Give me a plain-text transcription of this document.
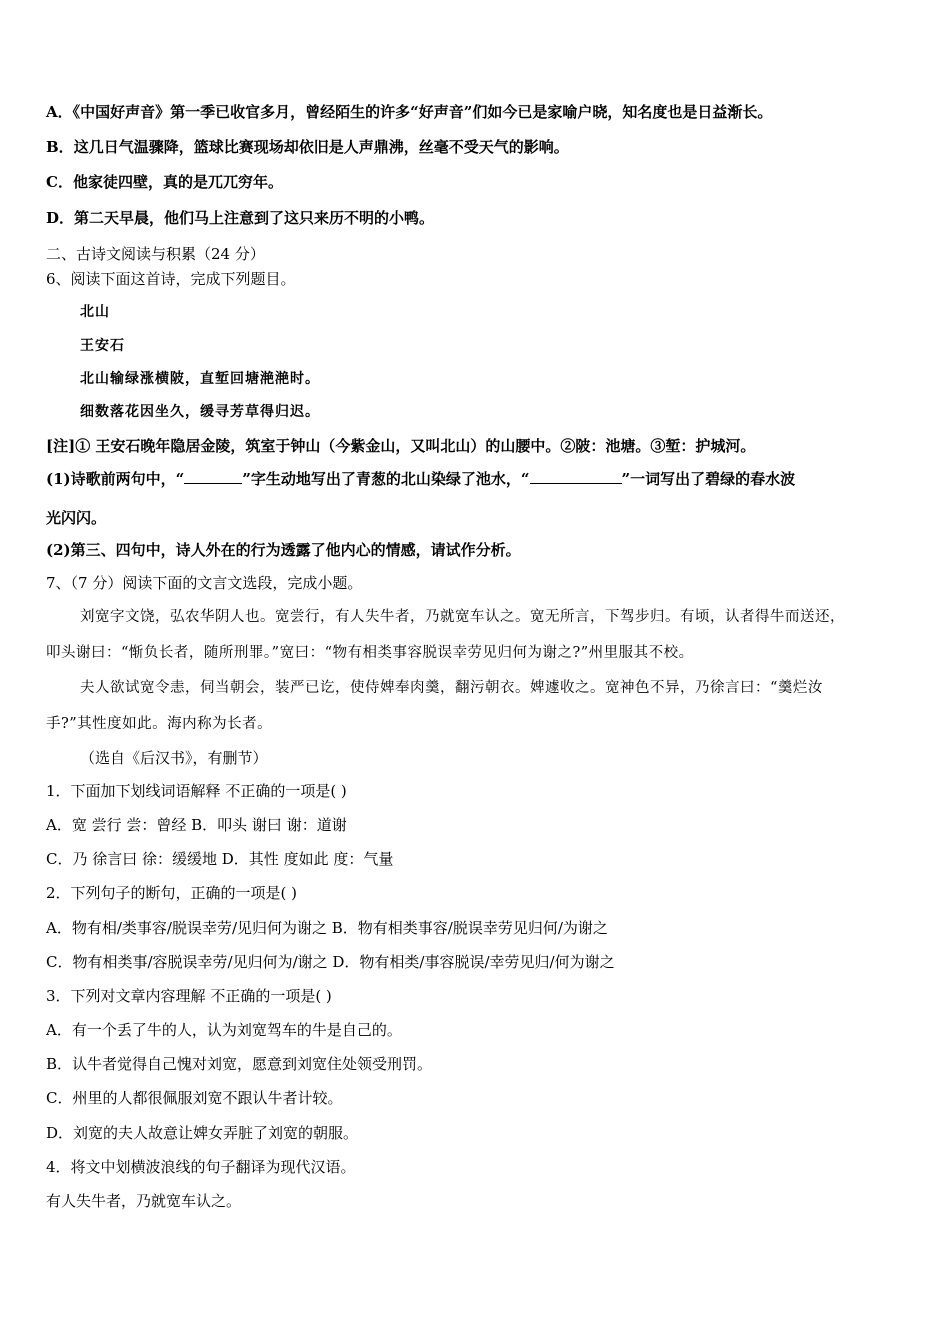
A．《中国好声音》第一季已收官多月，曾经陌生的许多“好声音”们如今已是家喻户晓，知名度也是日益渐长。
B．这几日气温骤降，篮球比赛现场却依旧是人声鼎沸，丝毫不受天气的影响。
C．他家徒四壁，真的是兀兀穷年。
D．第二天早晨，他们马上注意到了这只来历不明的小鸭。
二、古诗文阅读与积累（24 分）
6、阅读下面这首诗，完成下列题目。
北山
王安石
北山输绿涨横陂，直堑回塘滟滟时。
细数落花因坐久，缓寻芳草得归迟。
[注]① 王安石晚年隐居金陵，筑室于钟山（今紫金山，又叫北山）的山腰中。②陂：池塘。③堑：护城河。
(1)诗歌前两句中，“	”字生动地写出了青葱的北山染绿了池水，“	”一词写出了碧绿的春水波
光闪闪。
(2)第三、四句中，诗人外在的行为透露了他内心的情感，请试作分析。
7、（7 分）阅读下面的文言文选段，完成小题。
刘宽字文饶，弘农华阴人也。宽尝行，有人失牛者，乃就宽车认之。宽无所言，下驾步归。有顷，认者得牛而送还，
叩头谢曰：“惭负长者，随所刑罪。”宽曰：“物有相类事容脱误幸劳见归何为谢之?”州里服其不校。
夫人欲试宽令恚，伺当朝会，装严已讫，使侍婢奉肉羹，翻污朝衣。婢遽收之。宽神色不异，乃徐言曰：“羹烂汝
手?”其性度如此。海内称为长者。
（选自《后汉书》，有删节）
1．下面加下划线词语解释 不正确的一项是( )
A．宽 尝行 尝：曾经 B．叩头 谢曰 谢：道谢
C．乃 徐言曰 徐：缓缓地 D．其性 度如此 度：气量
2．下列句子的断句，正确的一项是( )
A．物有相/类事容/脱误幸劳/见归何为谢之 B．物有相类事容/脱误幸劳见归何/为谢之
C．物有相类事/容脱误幸劳/见归何为/谢之 D．物有相类/事容脱误/幸劳见归/何为谢之
3．下列对文章内容理解 不正确的一项是( )
A．有一个丢了牛的人，认为刘宽驾车的牛是自己的。
B．认牛者觉得自己愧对刘宽，愿意到刘宽住处领受刑罚。
C．州里的人都很佩服刘宽不跟认牛者计较。
D．刘宽的夫人故意让婢女弄脏了刘宽的朝服。
4．将文中划横波浪线的句子翻译为现代汉语。
有人失牛者，乃就宽车认之。
